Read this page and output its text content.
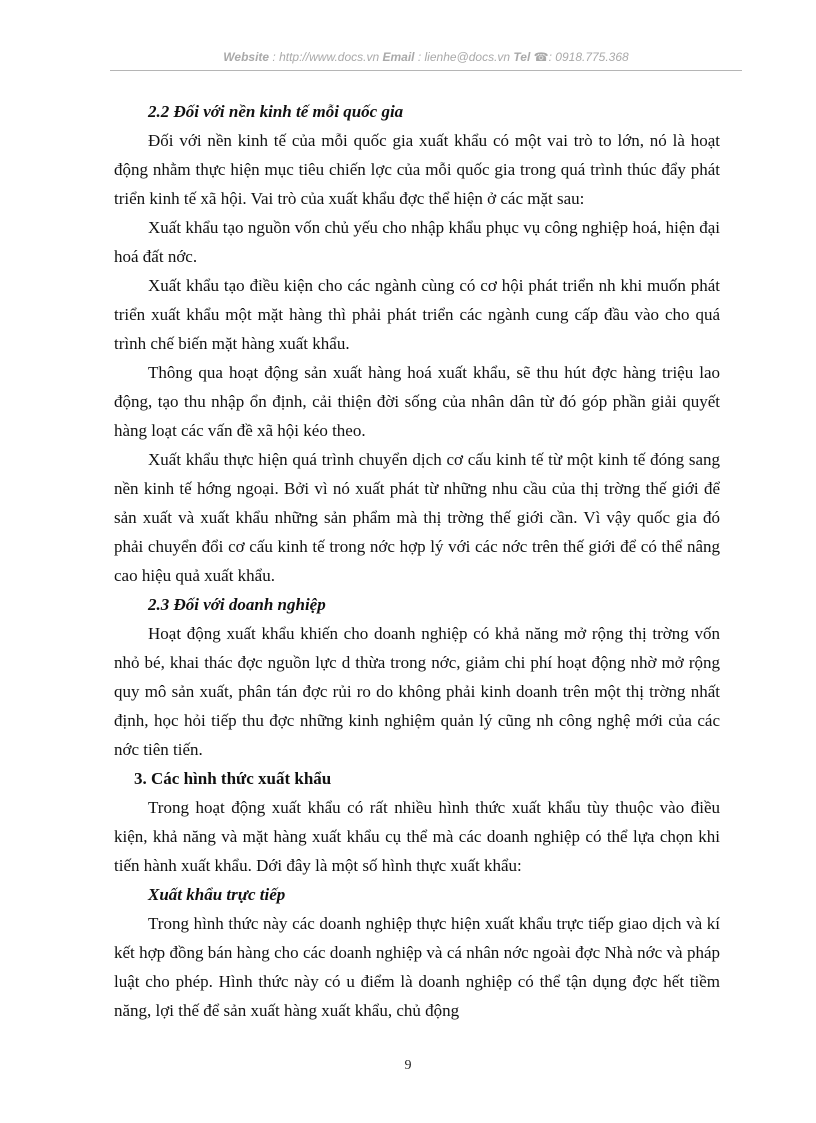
Website : http://www.docs.vn Email : lienhe@docs.vn Tel ☎: 0918.775.368

2.2 Đối với nền kinh tế mỗi quốc gia

Đối với nền kinh tế của mỗi quốc gia xuất khẩu có một vai trò to lớn, nó là hoạt động nhằm thực hiện mục tiêu chiến lợc của mỗi quốc gia trong quá trình thúc đẩy phát triển kinh tế xã hội. Vai trò của xuất khẩu đợc thể hiện ở các mặt sau:

Xuất khẩu tạo nguồn vốn chủ yếu cho nhập khẩu phục vụ công nghiệp hoá, hiện đại hoá đất nớc.

Xuất khẩu tạo điều kiện cho các ngành cùng có cơ hội phát triển nh khi muốn phát triển xuất khẩu một mặt hàng thì phải phát triển các ngành cung cấp đầu vào cho quá trình chế biến mặt hàng xuất khẩu.

Thông qua hoạt động sản xuất hàng hoá xuất khẩu, sẽ thu hút đợc hàng triệu lao động, tạo thu nhập ổn định, cải thiện đời sống của nhân dân từ đó góp phần giải quyết hàng loạt các vấn đề xã hội kéo theo.

Xuất khẩu thực hiện quá trình chuyển dịch cơ cấu kinh tế từ một kinh tế đóng sang nền kinh tế hớng ngoại. Bởi vì nó xuất phát từ những nhu cầu của thị trờng thế giới để sản xuất và xuất khẩu những sản phẩm mà thị trờng thế giới cần. Vì vậy quốc gia đó phải chuyển đổi cơ cấu kinh tế trong nớc hợp lý với các nớc trên thế giới để có thể nâng cao hiệu quả xuất khẩu.

2.3 Đối với doanh nghiệp

Hoạt động xuất khẩu khiến cho doanh nghiệp có khả năng mở rộng thị trờng vốn nhỏ bé, khai thác đợc nguồn lực d thừa trong nớc, giảm chi phí hoạt động nhờ mở rộng quy mô sản xuất, phân tán đợc rủi ro do không phải kinh doanh trên một thị trờng nhất định, học hỏi tiếp thu đợc những kinh nghiệm quản lý cũng nh công nghệ mới của các nớc tiên tiến.

3. Các hình thức xuất khẩu

Trong hoạt động xuất khẩu có rất nhiều hình thức xuất khẩu tùy thuộc vào điều kiện, khả năng và mặt hàng xuất khẩu cụ thể mà các doanh nghiệp có thể lựa chọn khi tiến hành xuất khẩu. Dới đây là một số hình thực xuất khẩu:

Xuất khẩu trực tiếp

Trong hình thức này các doanh nghiệp thực hiện xuất khẩu trực tiếp giao dịch và kí kết hợp đồng bán hàng cho các doanh nghiệp và cá nhân nớc ngoài đợc Nhà nớc và pháp luật cho phép. Hình thức này có u điểm là doanh nghiệp có thể tận dụng đợc hết tiềm năng, lợi thế để sản xuất hàng xuất khẩu, chủ động

9
